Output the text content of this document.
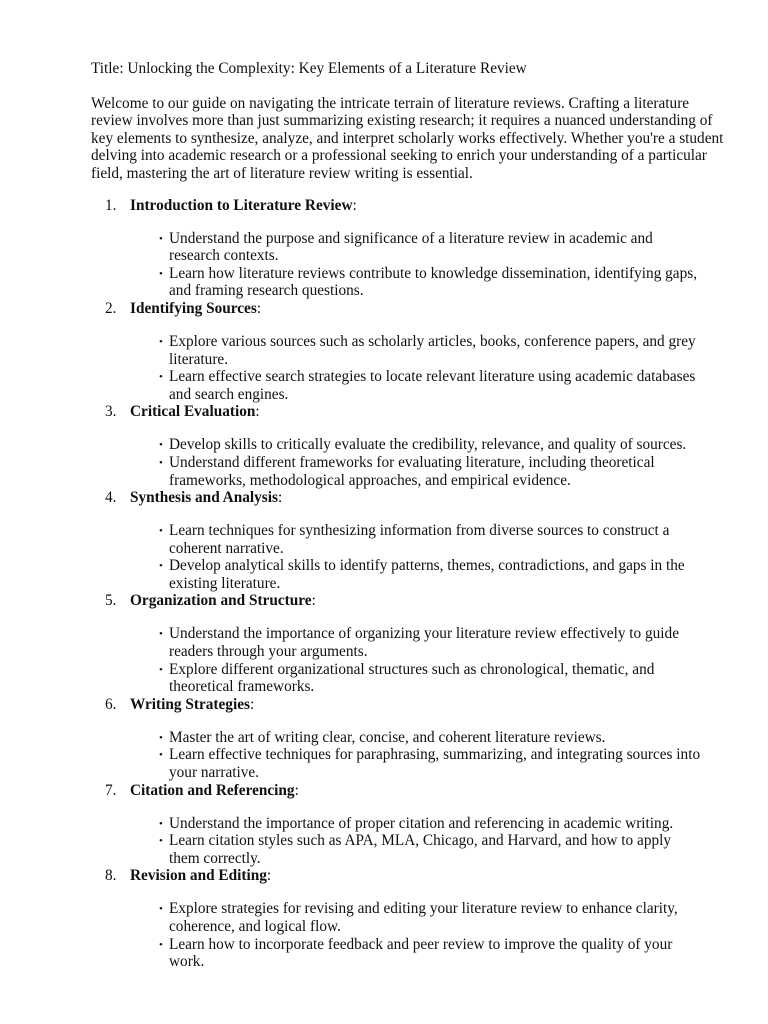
Title: Unlocking the Complexity: Key Elements of a Literature Review

Welcome to our guide on navigating the intricate terrain of literature reviews. Crafting a literature review involves more than just summarizing existing research; it requires a nuanced understanding of key elements to synthesize, analyze, and interpret scholarly works effectively. Whether you're a student delving into academic research or a professional seeking to enrich your understanding of a particular field, mastering the art of literature review writing is essential.

1. Introduction to Literature Review:
• Understand the purpose and significance of a literature review in academic and research contexts.
• Learn how literature reviews contribute to knowledge dissemination, identifying gaps, and framing research questions.
2. Identifying Sources:
• Explore various sources such as scholarly articles, books, conference papers, and grey literature.
• Learn effective search strategies to locate relevant literature using academic databases and search engines.
3. Critical Evaluation:
• Develop skills to critically evaluate the credibility, relevance, and quality of sources.
• Understand different frameworks for evaluating literature, including theoretical frameworks, methodological approaches, and empirical evidence.
4. Synthesis and Analysis:
• Learn techniques for synthesizing information from diverse sources to construct a coherent narrative.
• Develop analytical skills to identify patterns, themes, contradictions, and gaps in the existing literature.
5. Organization and Structure:
• Understand the importance of organizing your literature review effectively to guide readers through your arguments.
• Explore different organizational structures such as chronological, thematic, and theoretical frameworks.
6. Writing Strategies:
• Master the art of writing clear, concise, and coherent literature reviews.
• Learn effective techniques for paraphrasing, summarizing, and integrating sources into your narrative.
7. Citation and Referencing:
• Understand the importance of proper citation and referencing in academic writing.
• Learn citation styles such as APA, MLA, Chicago, and Harvard, and how to apply them correctly.
8. Revision and Editing:
• Explore strategies for revising and editing your literature review to enhance clarity, coherence, and logical flow.
• Learn how to incorporate feedback and peer review to improve the quality of your work.
